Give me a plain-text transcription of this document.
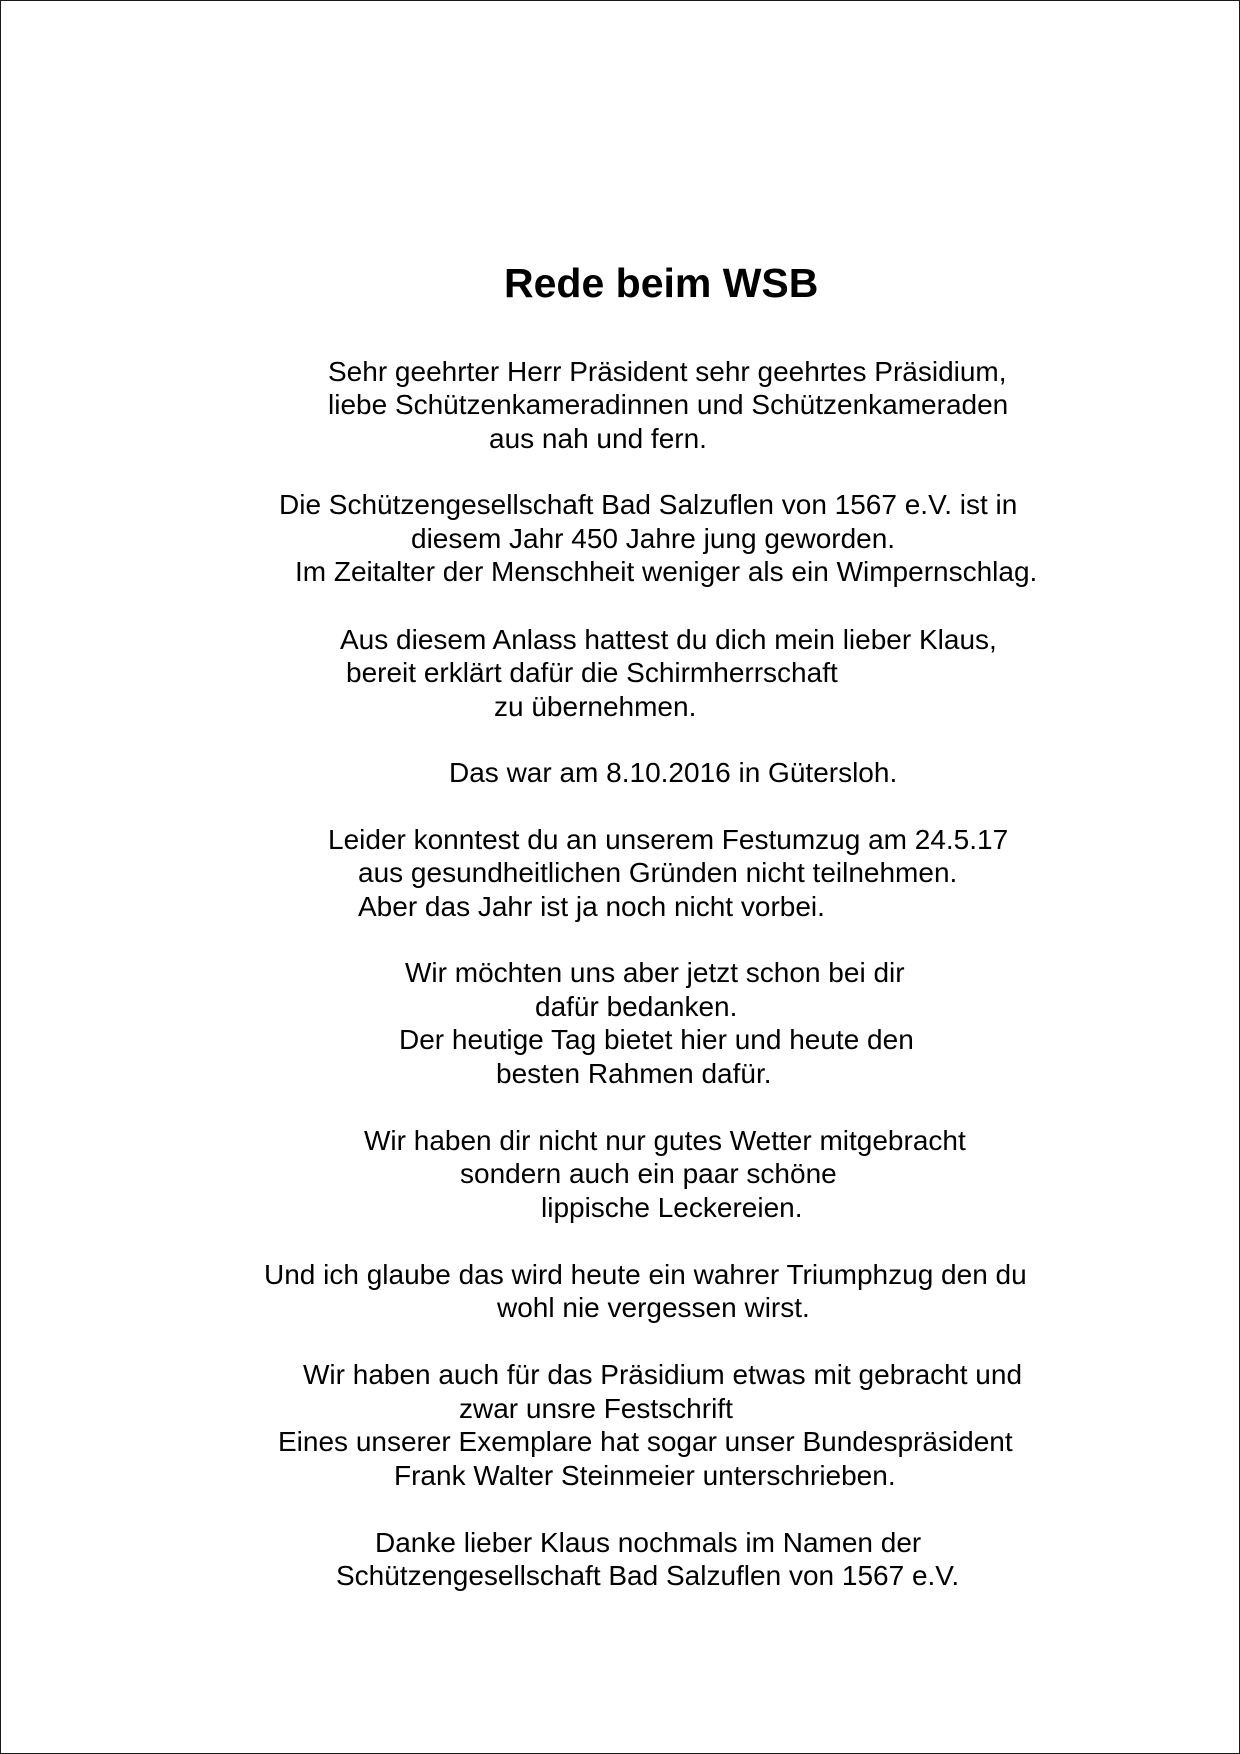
Rede beim WSB

Sehr geehrter Herr Präsident sehr geehrtes Präsidium,

liebe Schützenkameradinnen und Schützenkameraden

aus nah und fern.

Die Schützengesellschaft Bad Salzuflen von 1567 e.V. ist in

diesem Jahr 450 Jahre jung geworden.

Im Zeitalter der Menschheit weniger als ein Wimpernschlag.

Aus diesem Anlass hattest du dich mein lieber Klaus,

bereit erklärt dafür die Schirmherrschaft

zu übernehmen.

Das war am 8.10.2016 in Gütersloh.

Leider konntest du an unserem Festumzug am 24.5.17

aus gesundheitlichen Gründen nicht teilnehmen.

Aber das Jahr ist ja noch nicht vorbei.

Wir möchten uns aber jetzt schon bei dir

dafür bedanken.

Der heutige Tag bietet hier und heute den

besten Rahmen dafür.

Wir haben dir nicht nur gutes Wetter mitgebracht

sondern auch ein paar schöne

lippische Leckereien.

Und ich glaube das wird heute ein wahrer Triumphzug den du

wohl nie vergessen wirst.

Wir haben auch für das Präsidium etwas mit gebracht und

zwar unsre Festschrift

Eines unserer Exemplare hat sogar unser Bundespräsident

Frank Walter Steinmeier unterschrieben.

Danke lieber Klaus nochmals im Namen der

Schützengesellschaft Bad Salzuflen von 1567 e.V.
